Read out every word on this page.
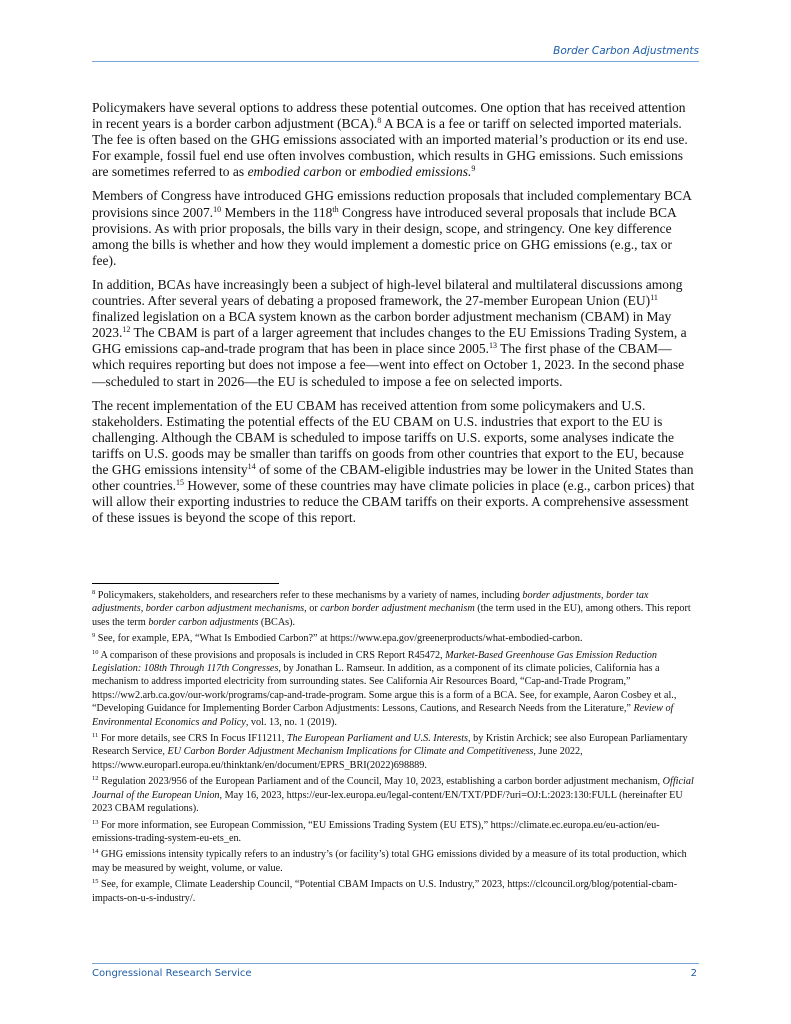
Border Carbon Adjustments

Policymakers have several options to address these potential outcomes. One option that has received attention in recent years is a border carbon adjustment (BCA).$^8$ A BCA is a fee or tariff on selected imported materials. The fee is often based on the GHG emissions associated with an imported material’s production or its end use. For example, fossil fuel end use often involves combustion, which results in GHG emissions. Such emissions are sometimes referred to as embodied carbon or embodied emissions.$^9$

Members of Congress have introduced GHG emissions reduction proposals that included complementary BCA provisions since 2007.10 Members in the 118th Congress have introduced several proposals that include BCA provisions. As with prior proposals, the bills vary in their design, scope, and stringency. One key difference among the bills is whether and how they would implement a domestic price on GHG emissions (e.g., tax or fee).

In addition, BCAs have increasingly been a subject of high-level bilateral and multilateral discussions among countries. After several years of debating a proposed framework, the 27-member European Union (EU)$^{11}$ finalized legislation on a BCA system known as the carbon border adjustment mechanism (CBAM) in May 2023.12 The CBAM is part of a larger agreement that includes changes to the EU Emissions Trading System, a GHG emissions cap-and-trade program that has been in place since 2005.13 The first phase of the CBAM—which requires reporting but does not impose a fee—went into effect on October 1, 2023. In the second phase—scheduled to start in 2026—the EU is scheduled to impose a fee on selected imports.

The recent implementation of the EU CBAM has received attention from some policymakers and U.S. stakeholders. Estimating the potential effects of the EU CBAM on U.S. industries that export to the EU is challenging. Although the CBAM is scheduled to impose tariffs on U.S. exports, some analyses indicate the tariffs on U.S. goods may be smaller than tariffs on goods from other countries that export to the EU, because the GHG emissions intensity$^{14}$ of some of the CBAM-eligible industries may be lower in the United States than other countries.$^{15}$ However, some of these countries may have climate policies in place (e.g., carbon prices) that will allow their exporting industries to reduce the CBAM tariffs on their exports. A comprehensive assessment of these issues is beyond the scope of this report.

$^8$ Policymakers, stakeholders, and researchers refer to these mechanisms by a variety of names, including border adjustments, border tax adjustments, border carbon adjustment mechanisms, or carbon border adjustment mechanism (the term used in the EU), among others. This report uses the term border carbon adjustments (BCAs).

$^9$ See, for example, EPA, “What Is Embodied Carbon?” at https://www.epa.gov/greenerproducts/what-embodied-carbon.

$^{10}$ A comparison of these provisions and proposals is included in CRS Report R45472, Market-Based Greenhouse Gas Emission Reduction Legislation: 108th Through 117th Congresses, by Jonathan L. Ramseur. In addition, as a component of its climate policies, California has a mechanism to address imported electricity from surrounding states. See California Air Resources Board, “Cap-and-Trade Program,” https://ww2.arb.ca.gov/our-work/programs/cap-and-trade-program. Some argue this is a form of a BCA. See, for example, Aaron Cosbey et al., “Developing Guidance for Implementing Border Carbon Adjustments: Lessons, Cautions, and Research Needs from the Literature,” Review of Environmental Economics and Policy, vol. 13, no. 1 (2019).

$^{11}$ For more details, see CRS In Focus IF11211, The European Parliament and U.S. Interests, by Kristin Archick; see also European Parliamentary Research Service, EU Carbon Border Adjustment Mechanism Implications for Climate and Competitiveness, June 2022, https://www.europarl.europa.eu/thinktank/en/document/EPRS_BRI(2022)698889.

$^{12}$ Regulation 2023/956 of the European Parliament and of the Council, May 10, 2023, establishing a carbon border adjustment mechanism, Official Journal of the European Union, May 16, 2023, https://eur-lex.europa.eu/legal-content/EN/TXT/PDF/?uri=OJ:L:2023:130:FULL (hereinafter EU 2023 CBAM regulations).

$^{13}$ For more information, see European Commission, “EU Emissions Trading System (EU ETS),” https://climate.ec.europa.eu/eu-action/eu-emissions-trading-system-eu-ets_en.

$^{14}$ GHG emissions intensity typically refers to an industry’s (or facility’s) total GHG emissions divided by a measure of its total production, which may be measured by weight, volume, or value.

$^{15}$ See, for example, Climate Leadership Council, “Potential CBAM Impacts on U.S. Industry,” 2023, https://clcouncil.org/blog/potential-cbam-impacts-on-u-s-industry/.

Congressional Research Service	2
